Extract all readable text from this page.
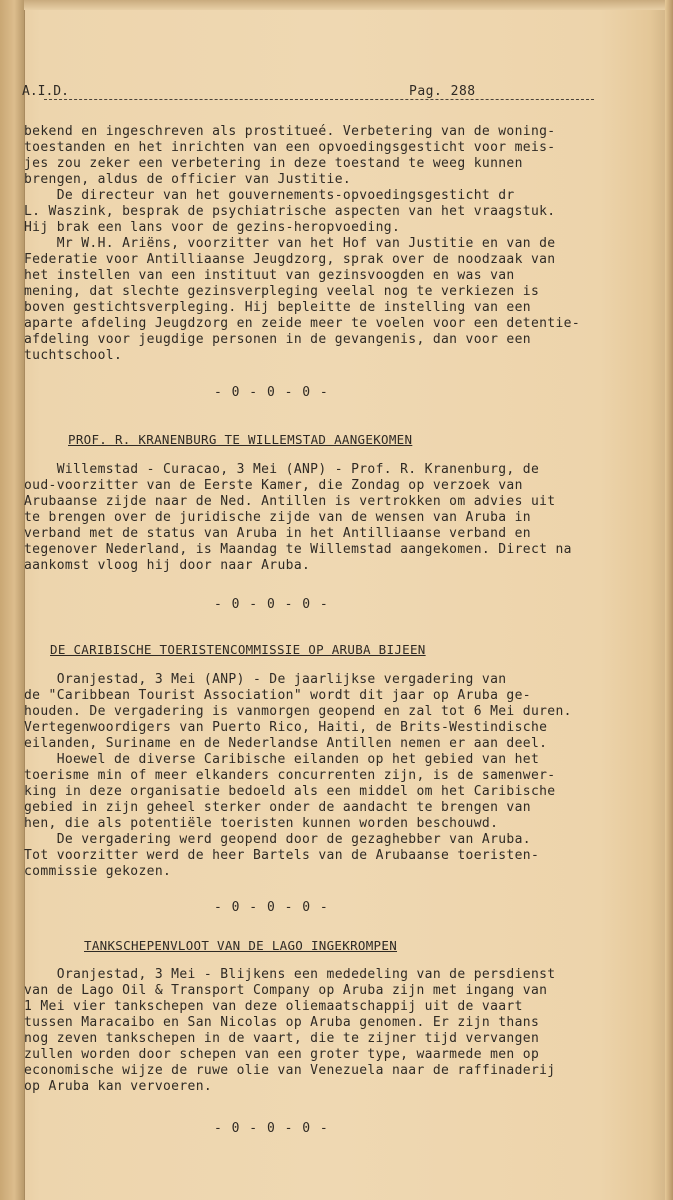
A.I.D.	Pag. 288
bekend en ingeschreven als prostitueé. Verbetering van de woning-
toestanden en het inrichten van een opvoedingsgesticht voor meis-
jes zou zeker een verbetering in deze toestand te weeg kunnen
brengen, aldus de officier van Justitie.
De directeur van het gouvernements-opvoedingsgesticht dr
L. Waszink, besprak de psychiatrische aspecten van het vraagstuk.
Hij brak een lans voor de gezins-heropvoeding.
Mr W.H. Ariëns, voorzitter van het Hof van Justitie en van de
Federatie voor Antilliaanse Jeugdzorg, sprak over de noodzaak van
het instellen van een instituut van gezinsvoogden en was van
mening, dat slechte gezinsverpleging veelal nog te verkiezen is
boven gestichtsverpleging. Hij bepleitte de instelling van een
aparte afdeling Jeugdzorg en zeide meer te voelen voor een detentie-
afdeling voor jeugdige personen in de gevangenis, dan voor een
tuchtschool.
- 0 - 0 - 0 -
PROF. R. KRANENBURG TE WILLEMSTAD AANGEKOMEN
Willemstad - Curacao, 3 Mei (ANP) - Prof. R. Kranenburg, de
oud-voorzitter van de Eerste Kamer, die Zondag op verzoek van
Arubaanse zijde naar de Ned. Antillen is vertrokken om advies uit
te brengen over de juridische zijde van de wensen van Aruba in
verband met de status van Aruba in het Antilliaanse verband en
tegenover Nederland, is Maandag te Willemstad aangekomen. Direct na
aankomst vloog hij door naar Aruba.
- 0 - 0 - 0 -
DE CARIBISCHE TOERISTENCOMMISSIE OP ARUBA BIJEEN
Oranjestad, 3 Mei (ANP) - De jaarlijkse vergadering van
de "Caribbean Tourist Association" wordt dit jaar op Aruba ge-
houden. De vergadering is vanmorgen geopend en zal tot 6 Mei duren.
Vertegenwoordigers van Puerto Rico, Haiti, de Brits-Westindische
eilanden, Suriname en de Nederlandse Antillen nemen er aan deel.
Hoewel de diverse Caribische eilanden op het gebied van het
toerisme min of meer elkanders concurrenten zijn, is de samenwer-
king in deze organisatie bedoeld als een middel om het Caribische
gebied in zijn geheel sterker onder de aandacht te brengen van
hen, die als potentiële toeristen kunnen worden beschouwd.
De vergadering werd geopend door de gezaghebber van Aruba.
Tot voorzitter werd de heer Bartels van de Arubaanse toeristen-
commissie gekozen.
- 0 - 0 - 0 -
TANKSCHEPENVLOOT VAN DE LAGO INGEKROMPEN
Oranjestad, 3 Mei - Blijkens een mededeling van de persdienst
van de Lago Oil & Transport Company op Aruba zijn met ingang van
1 Mei vier tankschepen van deze oliemaatschappij uit de vaart
tussen Maracaibo en San Nicolas op Aruba genomen. Er zijn thans
nog zeven tankschepen in de vaart, die te zijner tijd vervangen
zullen worden door schepen van een groter type, waarmede men op
economische wijze de ruwe olie van Venezuela naar de raffinaderij
op Aruba kan vervoeren.
- 0 - 0 - 0 -
